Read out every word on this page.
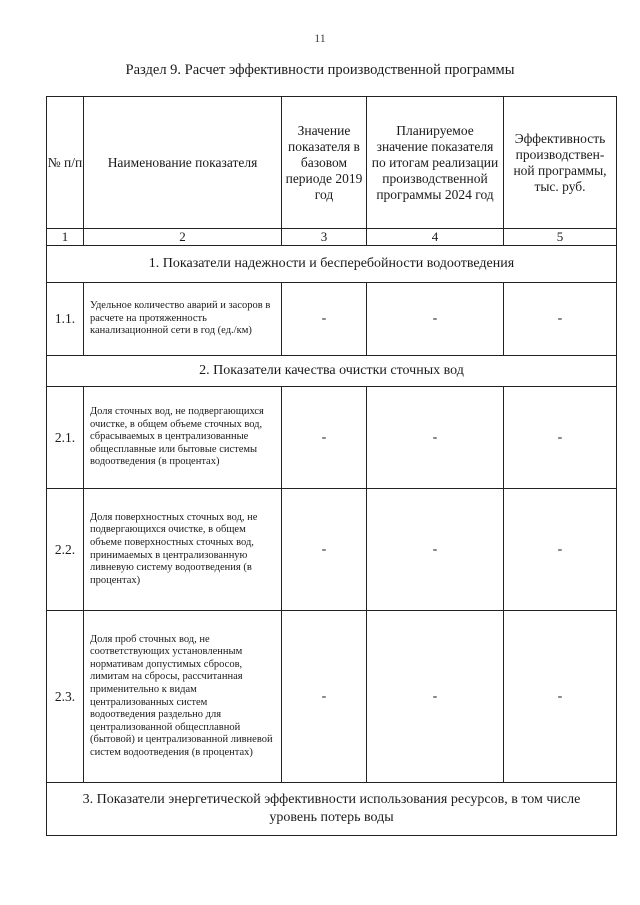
11
Раздел 9. Расчет эффективности производственной программы
№ п/п	Наименование показателя	Значение показателя в базовом периоде 2019 год	Планируемое значение показателя по итогам реализации производственной программы 2024 год	Эффективность производствен-ной программы, тыс. руб.
1	2	3	4	5
1. Показатели надежности и бесперебойности водоотведения				
1.1.	Удельное количество аварий и засоров в расчете на протяженность канализационной сети в год (ед./км)	-	-	-
2. Показатели качества очистки сточных вод				
2.1.	Доля сточных вод, не подвергающихся очистке, в общем объеме сточных вод, сбрасываемых в централизованные общесплавные или бытовые системы водоотведения (в процентах)	-	-	-
2.2.	Доля поверхностных сточных вод, не подвергающихся очистке, в общем объеме поверхностных сточных вод, принимаемых в централизованную ливневую систему водоотведения (в процентах)	-	-	-
2.3.	Доля проб сточных вод, не соответствующих установленным нормативам допустимых сбросов, лимитам на сбросы, рассчитанная применительно к видам централизованных систем водоотведения раздельно для централизованной общесплавной (бытовой) и централизованной ливневой систем водоотведения (в процентах)	-	-	-
3. Показатели энергетической эффективности использования ресурсов, в том числе уровень потерь воды				
